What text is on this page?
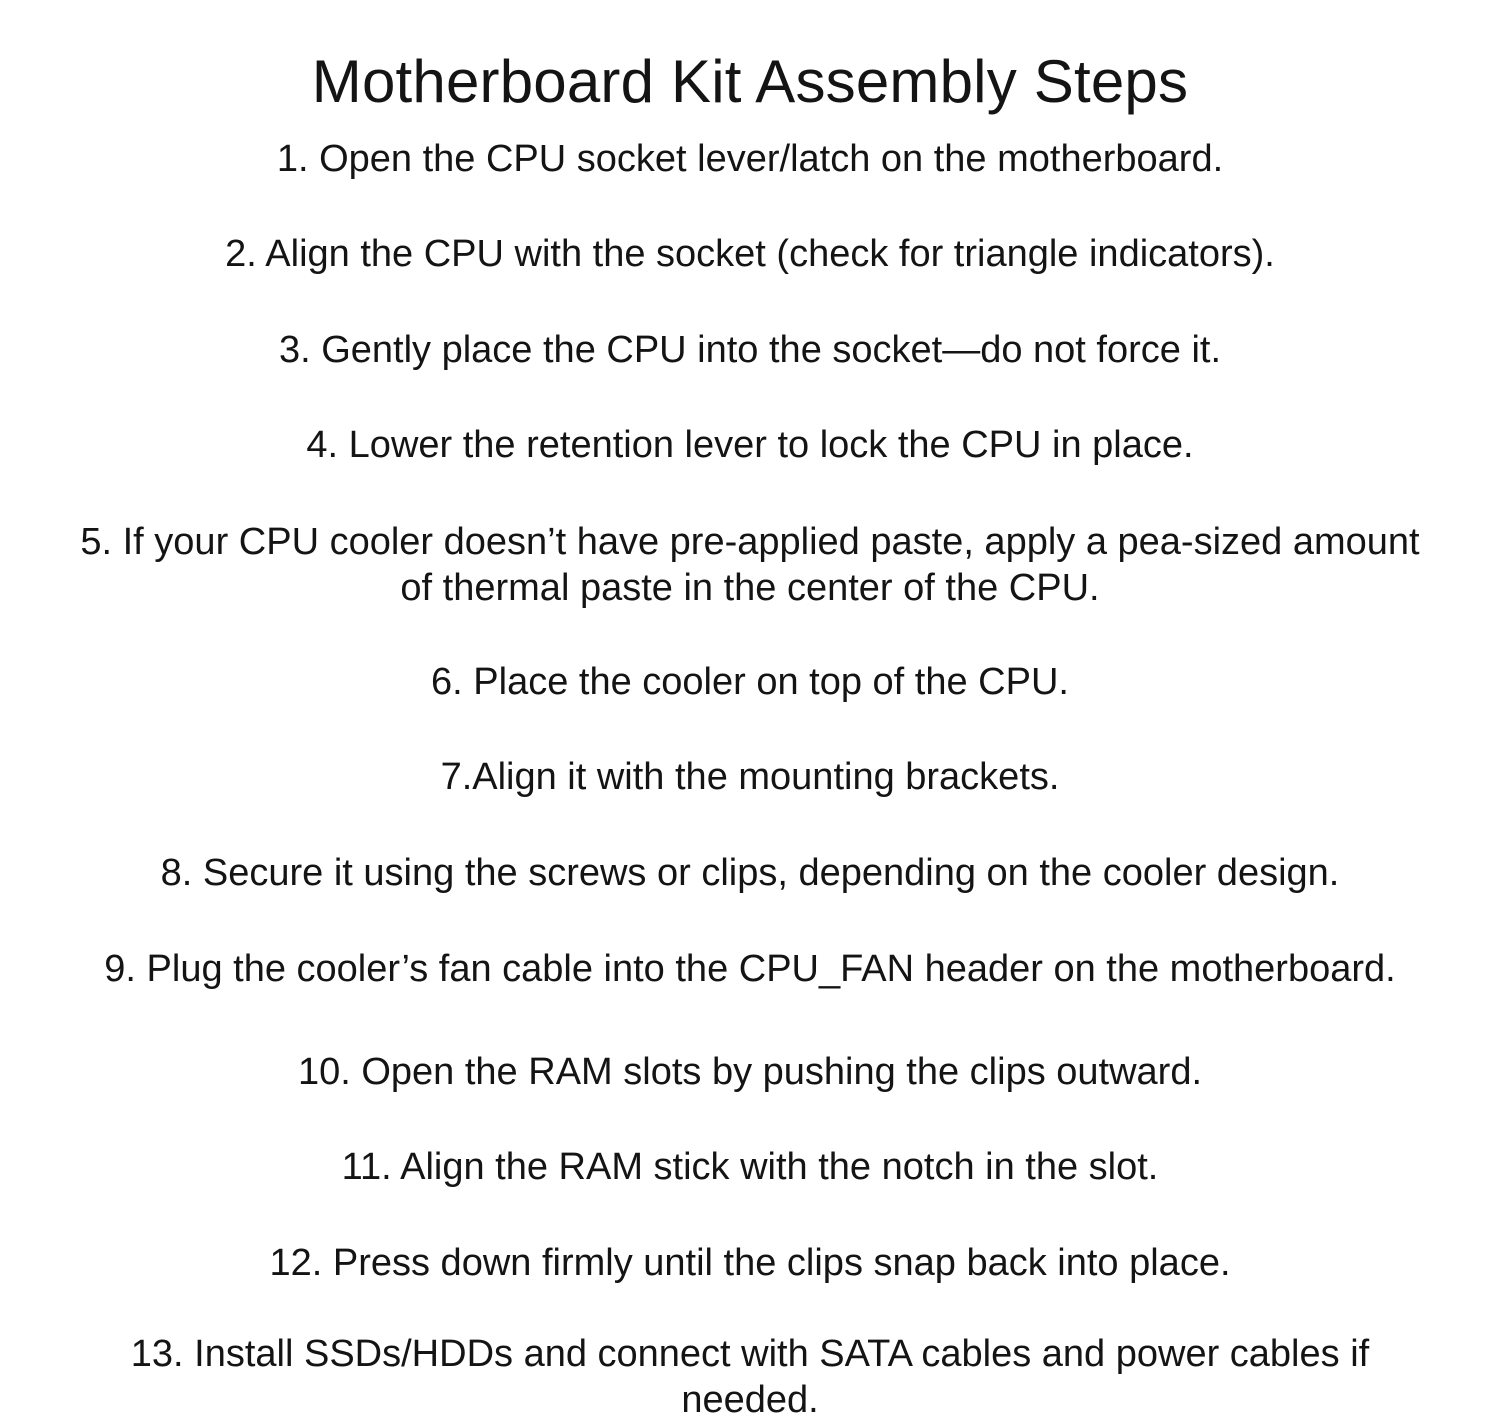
Motherboard Kit Assembly Steps
1. Open the CPU socket lever/latch on the motherboard.
2. Align the CPU with the socket (check for triangle indicators).
3. Gently place the CPU into the socket—do not force it.
4. Lower the retention lever to lock the CPU in place.
5. If your CPU cooler doesn’t have pre-applied paste, apply a pea-sized amount
of thermal paste in the center of the CPU.
6. Place the cooler on top of the CPU.
7.Align it with the mounting brackets.
8. Secure it using the screws or clips, depending on the cooler design.
9. Plug the cooler’s fan cable into the CPU_FAN header on the motherboard.
10. Open the RAM slots by pushing the clips outward.
11. Align the RAM stick with the notch in the slot.
12. Press down firmly until the clips snap back into place.
13. Install SSDs/HDDs and connect with SATA cables and power cables if
needed.
